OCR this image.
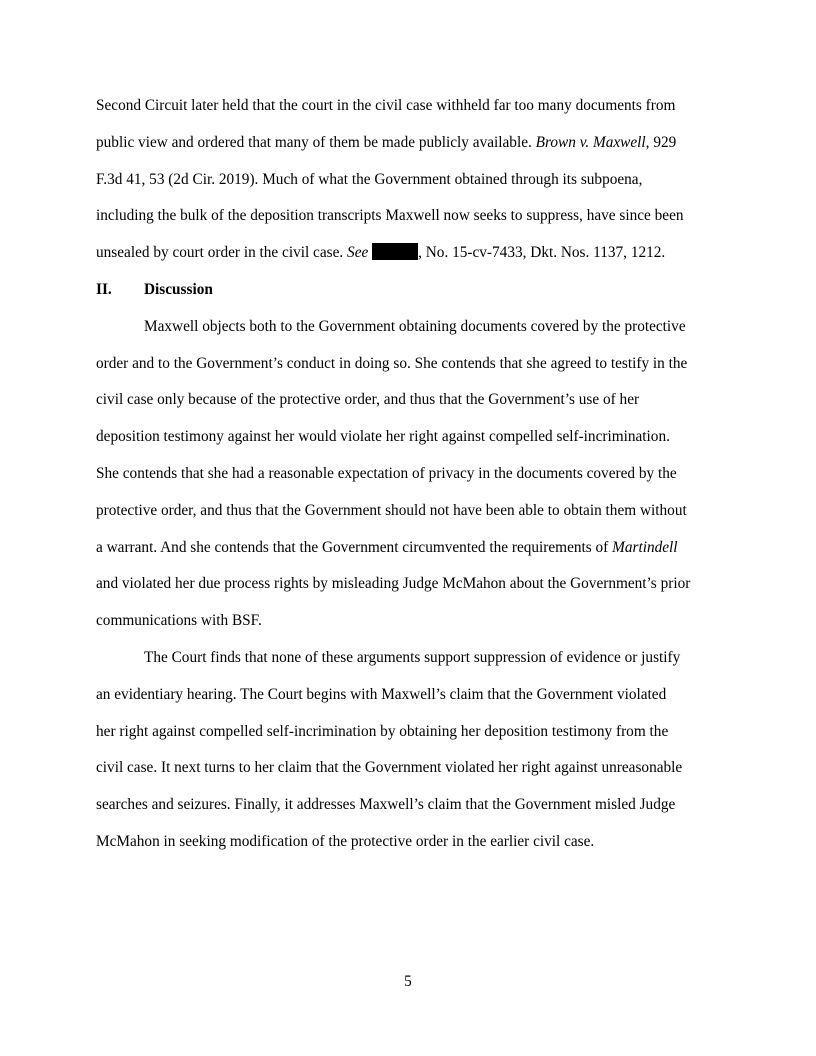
Second Circuit later held that the court in the civil case withheld far too many documents from
public view and ordered that many of them be made publicly available. Brown v. Maxwell, 929
F.3d 41, 53 (2d Cir. 2019). Much of what the Government obtained through its subpoena,
including the bulk of the deposition transcripts Maxwell now seeks to suppress, have since been
unsealed by court order in the civil case. See	, No. 15-cv-7433, Dkt. Nos. 1137, 1212.
II. Discussion
Maxwell objects both to the Government obtaining documents covered by the protective
order and to the Government’s conduct in doing so. She contends that she agreed to testify in the
civil case only because of the protective order, and thus that the Government’s use of her
deposition testimony against her would violate her right against compelled self-incrimination.
She contends that she had a reasonable expectation of privacy in the documents covered by the
protective order, and thus that the Government should not have been able to obtain them without
a warrant. And she contends that the Government circumvented the requirements of Martindell
and violated her due process rights by misleading Judge McMahon about the Government’s prior
communications with BSF.
The Court finds that none of these arguments support suppression of evidence or justify
an evidentiary hearing. The Court begins with Maxwell’s claim that the Government violated
her right against compelled self-incrimination by obtaining her deposition testimony from the
civil case. It next turns to her claim that the Government violated her right against unreasonable
searches and seizures. Finally, it addresses Maxwell’s claim that the Government misled Judge
McMahon in seeking modification of the protective order in the earlier civil case.
5
